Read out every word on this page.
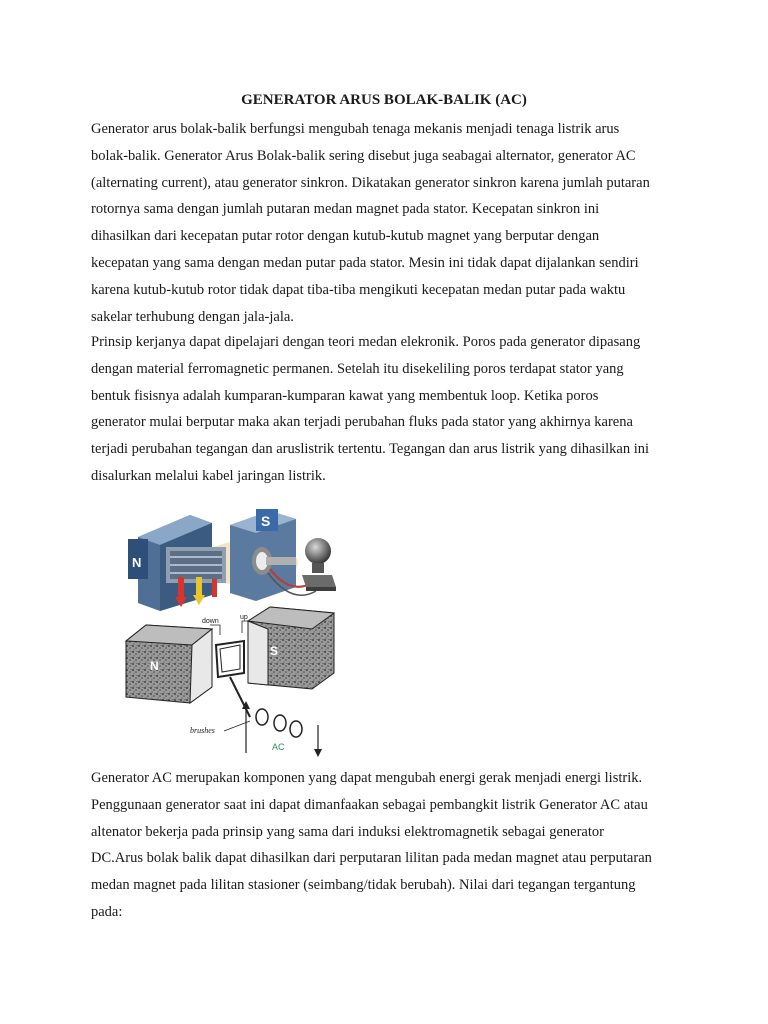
GENERATOR ARUS BOLAK-BALIK (AC)
Generator arus bolak-balik berfungsi mengubah tenaga mekanis menjadi tenaga listrik arus
bolak-balik. Generator Arus Bolak-balik sering disebut juga seabagai alternator, generator AC
(alternating current), atau generator sinkron. Dikatakan generator sinkron karena jumlah putaran
rotornya sama dengan jumlah putaran medan magnet pada stator. Kecepatan sinkron ini
dihasilkan dari kecepatan putar rotor dengan kutub-kutub magnet yang berputar dengan
kecepatan yang sama dengan medan putar pada stator. Mesin ini tidak dapat dijalankan sendiri
karena kutub-kutub rotor tidak dapat tiba-tiba mengikuti kecepatan medan putar pada waktu
sakelar terhubung dengan jala-jala.
Prinsip kerjanya dapat dipelajari dengan teori medan elekronik. Poros pada generator dipasang
dengan material ferromagnetic permanen. Setelah itu disekeliling poros terdapat stator yang
bentuk fisisnya adalah kumparan-kumparan kawat yang membentuk loop. Ketika poros
generator mulai berputar maka akan terjadi perubahan fluks pada stator yang akhirnya karena
terjadi perubahan tegangan dan aruslistrik tertentu. Tegangan dan arus listrik yang dihasilkan ini
disalurkan melalui kabel jaringan listrik.
N
S
N
S
down
up
brushes
AC
Generator AC merupakan komponen yang dapat mengubah energi gerak menjadi energi listrik.
Penggunaan generator saat ini dapat dimanfaakan sebagai pembangkit listrik Generator AC atau
altenator bekerja pada prinsip yang sama dari induksi elektromagnetik sebagai generator
DC.Arus bolak balik dapat dihasilkan dari perputaran lilitan pada medan magnet atau perputaran
medan magnet pada lilitan stasioner (seimbang/tidak berubah). Nilai dari tegangan tergantung
pada:
